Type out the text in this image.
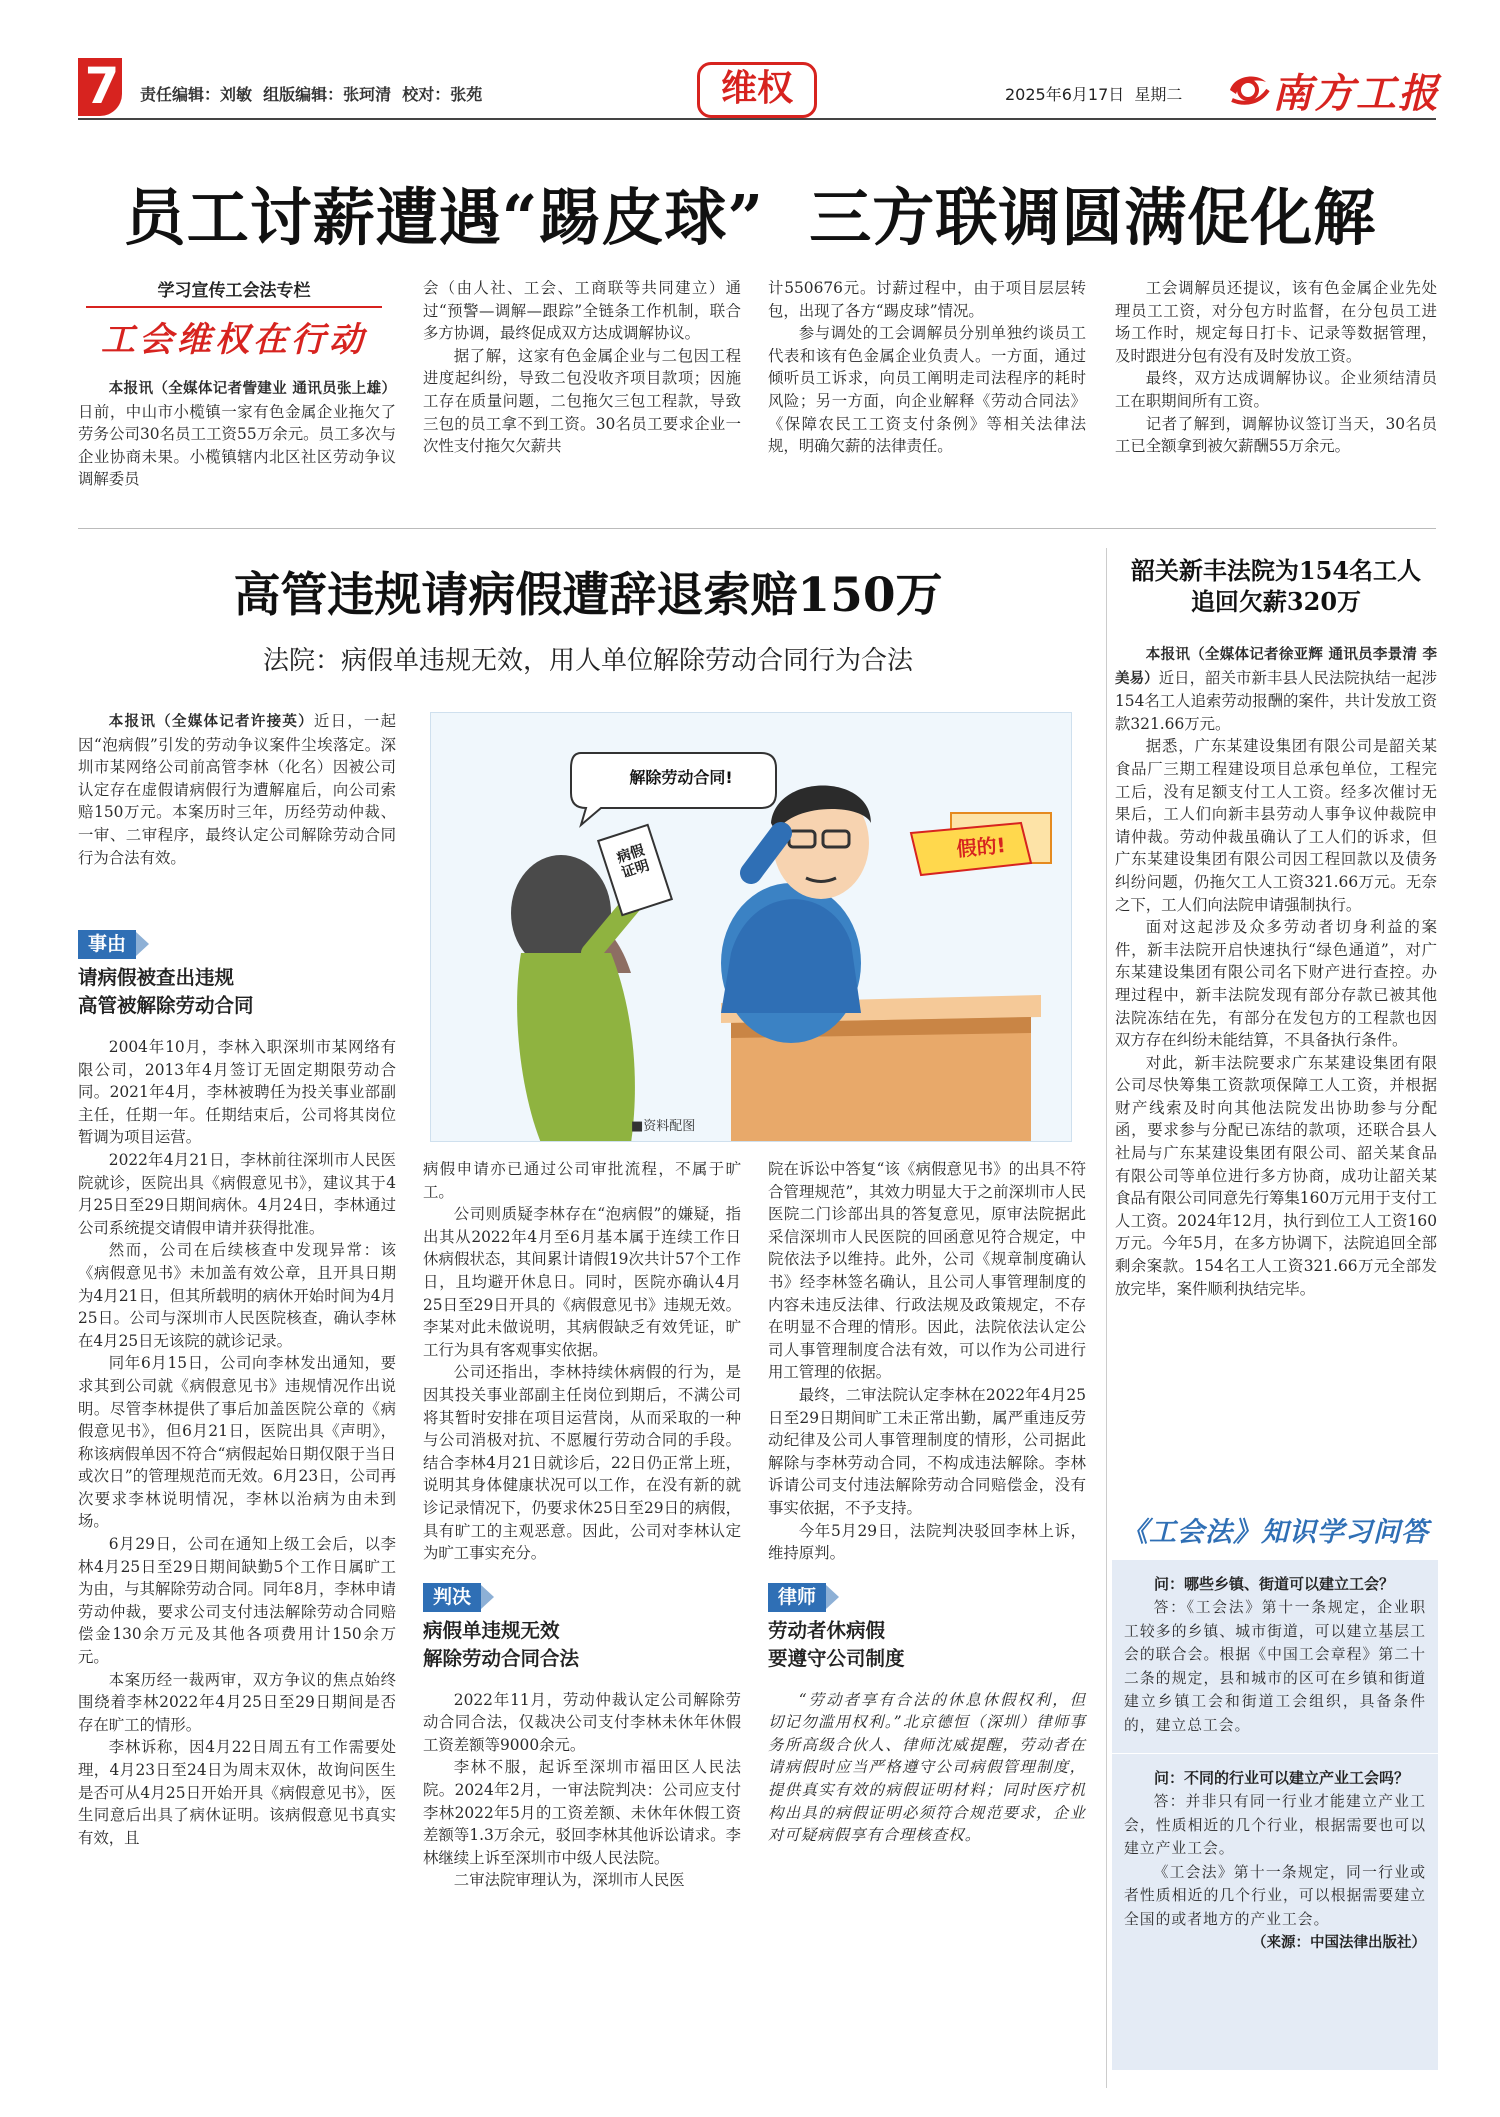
7 责任编辑：刘敏  组版编辑：张珂清  校对：张苑	维权	2025年6月17日  星期二 南方工报
员工讨薪遭遇“踢皮球”  三方联调圆满促化解
学习宣传工会法专栏
工会维权在行动

本报讯（全媒体记者訾建业 通讯员张上雄）日前，中山市小榄镇一家有色金属企业拖欠了劳务公司30名员工工资55万余元。员工多次与企业协商未果。小榄镇辖内北区社区劳动争议调解委员

会（由人社、工会、工商联等共同建立）通过“预警—调解—跟踪”全链条工作机制，联合多方协调，最终促成双方达成调解协议。

据了解，这家有色金属企业与二包因工程进度起纠纷，导致二包没收齐项目款项；因施工存在质量问题，二包拖欠三包工程款，导致三包的员工拿不到工资。30名员工要求企业一次性支付拖欠欠薪共

计550676元。讨薪过程中，由于项目层层转包，出现了各方“踢皮球”情况。

参与调处的工会调解员分别单独约谈员工代表和该有色金属企业负责人。一方面，通过倾听员工诉求，向员工阐明走司法程序的耗时风险；另一方面，向企业解释《劳动合同法》《保障农民工工资支付条例》等相关法律法规，明确欠薪的法律责任。

工会调解员还提议，该有色金属企业先处理员工工资，对分包方时监督，在分包员工进场工作时，规定每日打卡、记录等数据管理，及时跟进分包有没有及时发放工资。

最终，双方达成调解协议。企业须结清员工在职期间所有工资。

记者了解到，调解协议签订当天，30名员工已全额拿到被欠薪酬55万余元。

高管违规请病假遭辞退索赔150万
法院：病假单违规无效，用人单位解除劳动合同行为合法

本报讯（全媒体记者许接英）近日，一起因“泡病假”引发的劳动争议案件尘埃落定。深圳市某网络公司前高管李林（化名）因被公司认定存在虚假请病假行为遭解雇后，向公司索赔150万元。本案历时三年，历经劳动仲裁、一审、二审程序，最终认定公司解除劳动合同行为合法有效。

解除劳动合同!
假的!
病假证明
■资料配图
事由
请病假被查出违规
高管被解除劳动合同

2004年10月，李林入职深圳市某网络有限公司，2013年4月签订无固定期限劳动合同。2021年4月，李林被聘任为投关事业部副主任，任期一年。任期结束后，公司将其岗位暂调为项目运营。

2022年4月21日，李林前往深圳市人民医院就诊，医院出具《病假意见书》，建议其于4月25日至29日期间病休。4月24日，李林通过公司系统提交请假申请并获得批准。

然而，公司在后续核查中发现异常：该《病假意见书》未加盖有效公章，且开具日期为4月21日，但其所载明的病休开始时间为4月25日。公司与深圳市人民医院核查，确认李林在4月25日无该院的就诊记录。

同年6月15日，公司向李林发出通知，要求其到公司就《病假意见书》违规情况作出说明。尽管李林提供了事后加盖医院公章的《病假意见书》，但6月21日，医院出具《声明》，称该病假单因不符合“病假起始日期仅限于当日或次日”的管理规范而无效。6月23日，公司再次要求李林说明情况，李林以治病为由未到场。

6月29日，公司在通知上级工会后，以李林4月25日至29日期间缺勤5个工作日属旷工为由，与其解除劳动合同。同年8月，李林申请劳动仲裁，要求公司支付违法解除劳动合同赔偿金130余万元及其他各项费用计150余万元。

本案历经一裁两审，双方争议的焦点始终围绕着李林2022年4月25日至29日期间是否存在旷工的情形。

李林诉称，因4月22日周五有工作需要处理，4月23日至24日为周末双休，故询问医生是否可从4月25日开始开具《病假意见书》，医生同意后出具了病休证明。该病假意见书真实有效，且

病假申请亦已通过公司审批流程，不属于旷工。

公司则质疑李林存在“泡病假”的嫌疑，指出其从2022年4月至6月基本属于连续工作日休病假状态，其间累计请假19次共计57个工作日，且均避开休息日。同时，医院亦确认4月25日至29日开具的《病假意见书》违规无效。李某对此未做说明，其病假缺乏有效凭证，旷工行为具有客观事实依据。

公司还指出，李林持续休病假的行为，是因其投关事业部副主任岗位到期后，不满公司将其暂时安排在项目运营岗，从而采取的一种与公司消极对抗、不愿履行劳动合同的手段。结合李林4月21日就诊后，22日仍正常上班，说明其身体健康状况可以工作，在没有新的就诊记录情况下，仍要求休25日至29日的病假，具有旷工的主观恶意。因此，公司对李林认定为旷工事实充分。

判决
病假单违规无效
解除劳动合同合法

2022年11月，劳动仲裁认定公司解除劳动合同合法，仅裁决公司支付李林未休年休假工资差额等9000余元。

李林不服，起诉至深圳市福田区人民法院。2024年2月，一审法院判决：公司应支付李林2022年5月的工资差额、未休年休假工资差额等1.3万余元，驳回李林其他诉讼请求。李林继续上诉至深圳市中级人民法院。

二审法院审理认为，深圳市人民医

院在诉讼中答复“该《病假意见书》的出具不符合管理规范”，其效力明显大于之前深圳市人民医院二门诊部出具的答复意见，原审法院据此采信深圳市人民医院的回函意见符合规定，中院依法予以维持。此外，公司《规章制度确认书》经李林签名确认，且公司人事管理制度的内容未违反法律、行政法规及政策规定，不存在明显不合理的情形。因此，法院依法认定公司人事管理制度合法有效，可以作为公司进行用工管理的依据。

最终，二审法院认定李林在2022年4月25日至29日期间旷工未正常出勤，属严重违反劳动纪律及公司人事管理制度的情形，公司据此解除与李林劳动合同，不构成违法解除。李林诉请公司支付违法解除劳动合同赔偿金，没有事实依据，不予支持。

今年5月29日，法院判决驳回李林上诉，维持原判。

律师
劳动者休病假
要遵守公司制度

“劳动者享有合法的休息休假权利，但切记勿滥用权利。”北京德恒（深圳）律师事务所高级合伙人、律师沈威提醒，劳动者在请病假时应当严格遵守公司病假管理制度，提供真实有效的病假证明材料；同时医疗机构出具的病假证明必须符合规范要求，企业对可疑病假享有合理核查权。

韶关新丰法院为154名工人
追回欠薪320万

本报讯（全媒体记者徐亚辉 通讯员李景清 李美易）近日，韶关市新丰县人民法院执结一起涉154名工人追索劳动报酬的案件，共计发放工资款321.66万元。

据悉，广东某建设集团有限公司是韶关某食品厂三期工程建设项目总承包单位，工程完工后，没有足额支付工人工资。经多次催讨无果后，工人们向新丰县劳动人事争议仲裁院申请仲裁。劳动仲裁虽确认了工人们的诉求，但广东某建设集团有限公司因工程回款以及债务纠纷问题，仍拖欠工人工资321.66万元。无奈之下，工人们向法院申请强制执行。

面对这起涉及众多劳动者切身利益的案件，新丰法院开启快速执行“绿色通道”，对广东某建设集团有限公司名下财产进行查控。办理过程中，新丰法院发现有部分存款已被其他法院冻结在先，有部分在发包方的工程款也因双方存在纠纷未能结算，不具备执行条件。

对此，新丰法院要求广东某建设集团有限公司尽快筹集工资款项保障工人工资，并根据财产线索及时向其他法院发出协助参与分配函，要求参与分配已冻结的款项，还联合县人社局与广东某建设集团有限公司、韶关某食品有限公司等单位进行多方协商，成功让韶关某食品有限公司同意先行筹集160万元用于支付工人工资。2024年12月，执行到位工人工资160万元。今年5月，在多方协调下，法院追回全部剩余案款。154名工人工资321.66万元全部发放完毕，案件顺利执结完毕。

《工会法》知识学习问答
问：哪些乡镇、街道可以建立工会？
答：《工会法》第十一条规定，企业职工较多的乡镇、城市街道，可以建立基层工会的联合会。根据《中国工会章程》第二十二条的规定，县和城市的区可在乡镇和街道建立乡镇工会和街道工会组织，具备条件的，建立总工会。
问：不同的行业可以建立产业工会吗？
答：并非只有同一行业才能建立产业工会，性质相近的几个行业，根据需要也可以建立产业工会。
《工会法》第十一条规定，同一行业或者性质相近的几个行业，可以根据需要建立全国的或者地方的产业工会。
（来源：中国法律出版社）
